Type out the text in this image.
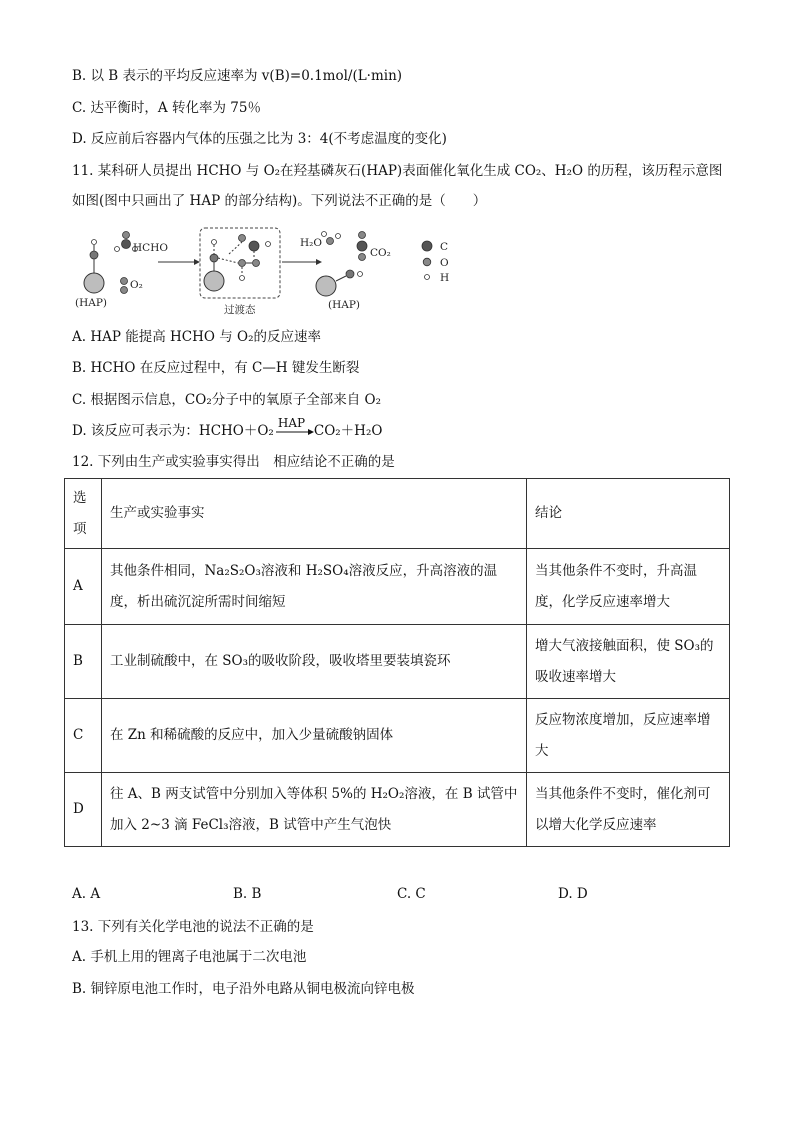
B. 以 B 表示的平均反应速率为 v(B)=0.1mol/(L·min)
C. 达平衡时，A 转化率为 75％
D. 反应前后容器内气体的压强之比为 3：4(不考虑温度的变化)
11. 某科研人员提出 HCHO 与 O₂在羟基磷灰石(HAP)表面催化氧化生成 CO₂、H₂O 的历程，该历程示意图
如图(图中只画出了 HAP 的部分结构)。下列说法不正确的是（　　）
HCHO
O₂
(HAP)
过渡态
H₂O
CO₂
(HAP)
C
O
H
A. HAP 能提高 HCHO 与 O₂的反应速率
B. HCHO 在反应过程中，有 C—H 键发生断裂
C. 根据图示信息，CO₂分子中的氧原子全部来自 O₂
D. 该反应可表示为：HCHO＋O₂ HAP CO₂＋H₂O
12. 下列由生产或实验事实得出　相应结论不正确的是
选项	生产或实验事实	结论
A	其他条件相同，Na₂S₂O₃溶液和 H₂SO₄溶液反应，升高溶液的温度，析出硫沉淀所需时间缩短	当其他条件不变时，升高温度，化学反应速率增大
B	工业制硫酸中，在 SO₃的吸收阶段，吸收塔里要装填瓷环	增大气液接触面积，使 SO₃的吸收速率增大
C	在 Zn 和稀硫酸的反应中，加入少量硫酸钠固体	反应物浓度增加，反应速率增大
D	往 A、B 两支试管中分别加入等体积 5%的 H₂O₂溶液，在 B 试管中加入 2~3 滴 FeCl₃溶液，B 试管中产生气泡快	当其他条件不变时，催化剂可以增大化学反应速率
A. A	B. B	C. C	D. D
13. 下列有关化学电池的说法不正确的是
A. 手机上用的锂离子电池属于二次电池
B. 铜锌原电池工作时，电子沿外电路从铜电极流向锌电极
